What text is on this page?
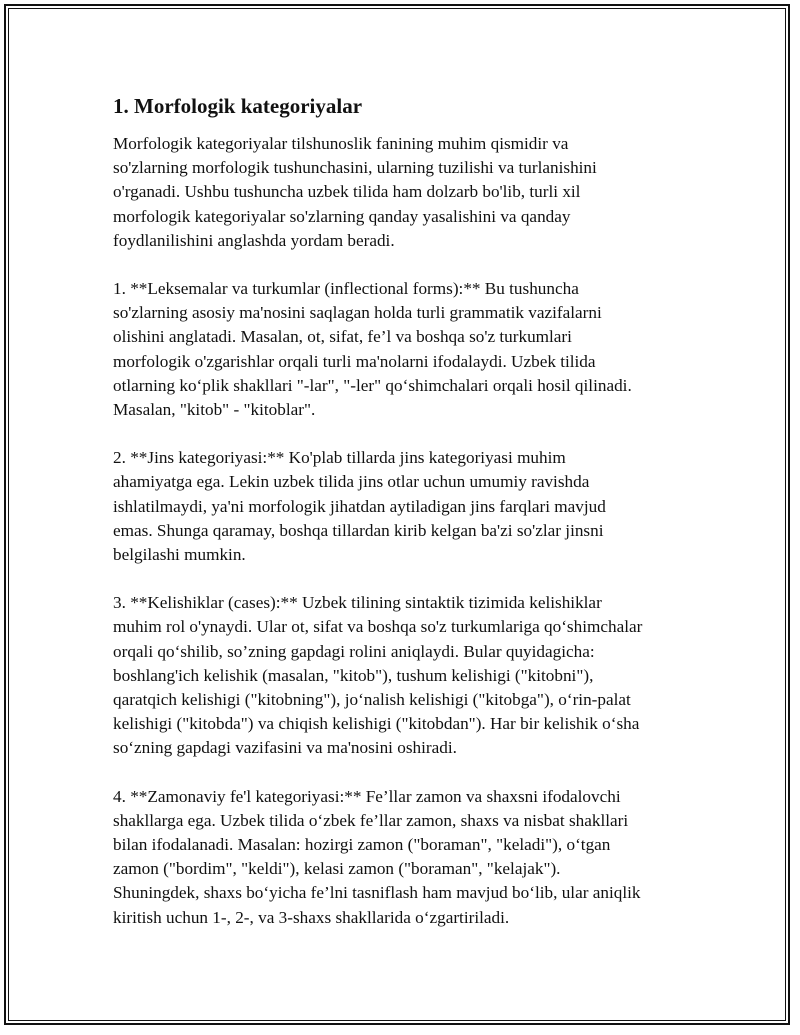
1. Morfologik kategoriyalar

Morfologik kategoriyalar tilshunoslik fanining muhim qismidir va
so'zlarning morfologik tushunchasini, ularning tuzilishi va turlanishini
o'rganadi. Ushbu tushuncha uzbek tilida ham dolzarb bo'lib, turli xil
morfologik kategoriyalar so'zlarning qanday yasalishini va qanday
foydlanilishini anglashda yordam beradi.

1. **Leksemalar va turkumlar (inflectional forms):** Bu tushuncha
so'zlarning asosiy ma'nosini saqlagan holda turli grammatik vazifalarni
olishini anglatadi. Masalan, ot, sifat, fe’l va boshqa so'z turkumlari
morfologik o'zgarishlar orqali turli ma'nolarni ifodalaydi. Uzbek tilida
otlarning ko‘plik shakllari "-lar", "-ler" qo‘shimchalari orqali hosil qilinadi.
Masalan, "kitob" - "kitoblar".

2. **Jins kategoriyasi:** Ko'plab tillarda jins kategoriyasi muhim
ahamiyatga ega. Lekin uzbek tilida jins otlar uchun umumiy ravishda
ishlatilmaydi, ya'ni morfologik jihatdan aytiladigan jins farqlari mavjud
emas. Shunga qaramay, boshqa tillardan kirib kelgan ba'zi so'zlar jinsni
belgilashi mumkin.

3. **Kelishiklar (cases):** Uzbek tilining sintaktik tizimida kelishiklar
muhim rol o'ynaydi. Ular ot, sifat va boshqa so'z turkumlariga qo‘shimchalar
orqali qo‘shilib, so’zning gapdagi rolini aniqlaydi. Bular quyidagicha:
boshlang'ich kelishik (masalan, "kitob"), tushum kelishigi ("kitobni"),
qaratqich kelishigi ("kitobning"), jo‘nalish kelishigi ("kitobga"), o‘rin-palat
kelishigi ("kitobda") va chiqish kelishigi ("kitobdan"). Har bir kelishik o‘sha
so‘zning gapdagi vazifasini va ma'nosini oshiradi.

4. **Zamonaviy fe'l kategoriyasi:** Fe’llar zamon va shaxsni ifodalovchi
shakllarga ega. Uzbek tilida o‘zbek fe’llar zamon, shaxs va nisbat shakllari
bilan ifodalanadi. Masalan: hozirgi zamon ("boraman", "keladi"), o‘tgan
zamon ("bordim", "keldi"), kelasi zamon ("boraman", "kelajak").
Shuningdek, shaxs bo‘yicha fe’lni tasniflash ham mavjud bo‘lib, ular aniqlik
kiritish uchun 1-, 2-, va 3-shaxs shakllarida o‘zgartiriladi.
